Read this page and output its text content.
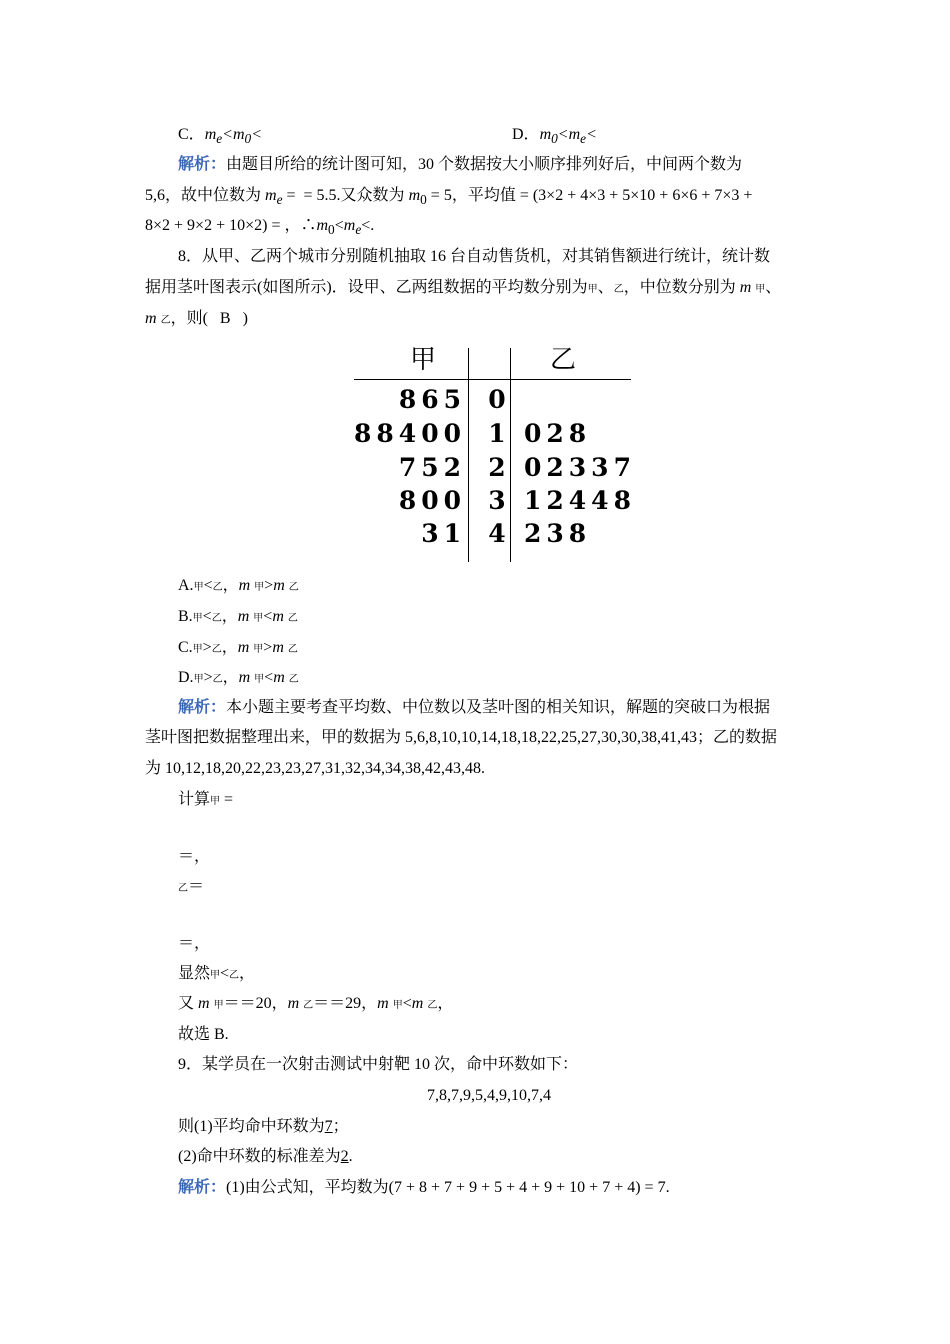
C．$m_e<m_0<$	D．$m_0<m_e<$
解析：由题目所给的统计图可知，30 个数据按大小顺序排列好后，中间两个数为
5,6，故中位数为 $m_e$ =  = 5.5.又众数为 $m_0 = 5$，平均值 = (3×2 + 4×3 + 5×10 + 6×6 + 7×3 +
8×2 + 9×2 + 10×2) = ，$\therefore m_0<m_e<$.
8．从甲、乙两个城市分别随机抽取 16 台自动售货机，对其销售额进行统计，统计数
据用茎叶图表示(如图所示)．设甲、乙两组数据的平均数分别为甲、乙，中位数分别为 m 甲、
m 乙，则(   B   )
甲	乙
865 0
88400 1 028
752 2 02337
800 3 12448
31 4 238
A.甲<乙，m 甲>m 乙
B.甲<乙，m 甲<m 乙
C.甲>乙，m 甲>m 乙
D.甲>乙，m 甲<m 乙
解析：本小题主要考查平均数、中位数以及茎叶图的相关知识，解题的突破口为根据
茎叶图把数据整理出来，甲的数据为 5,6,8,10,10,14,18,18,22,25,27,30,30,38,41,43；乙的数据
为 10,12,18,20,22,23,23,27,31,32,34,34,38,42,43,48.
计算甲 =
＝，
乙＝
＝，
显然甲<乙，
又 m 甲＝＝20，m 乙＝＝29，m 甲<m 乙，
故选 B.
9．某学员在一次射击测试中射靶 10 次，命中环数如下：
7,8,7,9,5,4,9,10,7,4
则(1)平均命中环数为7；
(2)命中环数的标准差为2.
解析：(1)由公式知，平均数为(7 + 8 + 7 + 9 + 5 + 4 + 9 + 10 + 7 + 4) = 7.
